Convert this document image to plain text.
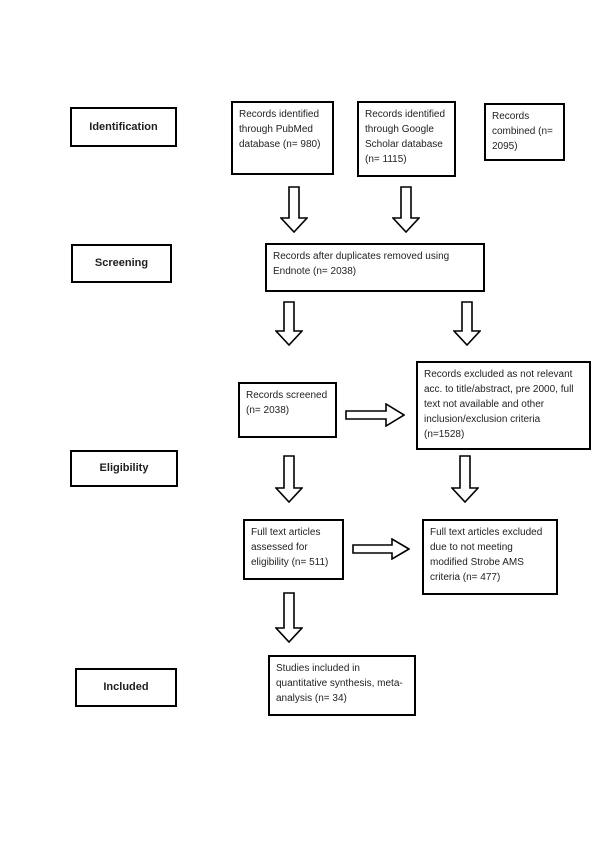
Identification
Screening
Eligibility
Included
Records identified through PubMed database (n= 980)
Records identified through Google Scholar database (n= 1115)
Records combined (n= 2095)
Records after duplicates removed using Endnote (n= 2038)
Records screened (n= 2038)
Records excluded as not relevant acc. to title/abstract, pre 2000, full text not available and other inclusion/exclusion criteria (n=1528)
Full text articles assessed for eligibility (n= 511)
Full text articles excluded due to not meeting modified Strobe AMS criteria (n= 477)
Studies included in quantitative synthesis, meta-analysis (n= 34)
